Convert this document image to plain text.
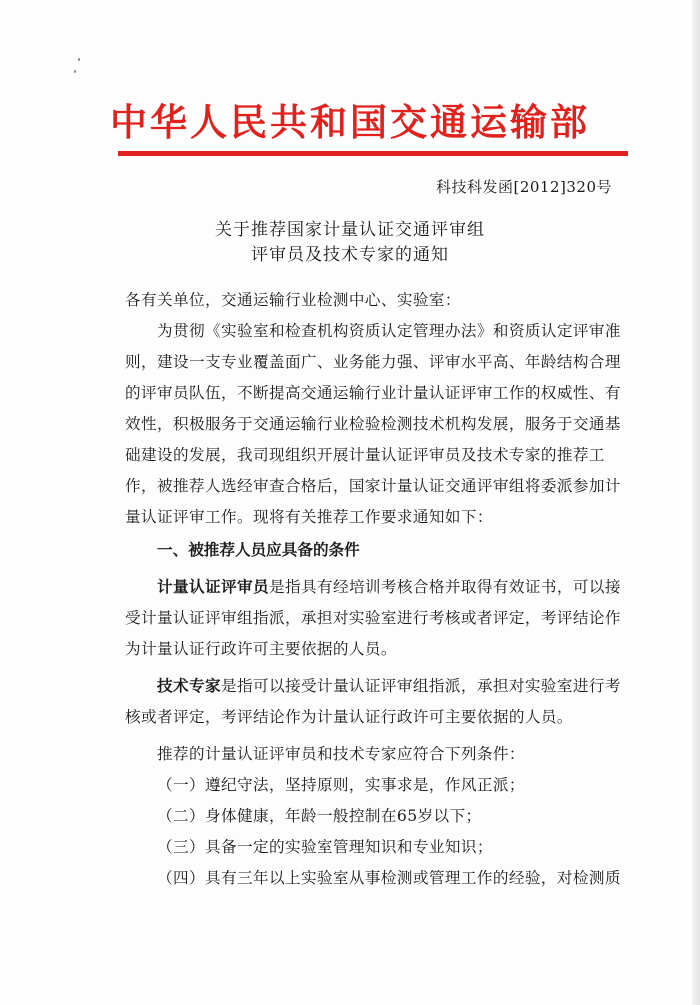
中华人民共和国交通运输部
科技科发函[2012]320号
关于推荐国家计量认证交通评审组
评审员及技术专家的通知
各有关单位，交通运输行业检测中心、实验室：
为贯彻《实验室和检查机构资质认定管理办法》和资质认定评审准
则，建设一支专业覆盖面广、业务能力强、评审水平高、年龄结构合理
的评审员队伍，不断提高交通运输行业计量认证评审工作的权威性、有
效性，积极服务于交通运输行业检验检测技术机构发展，服务于交通基
础建设的发展，我司现组织开展计量认证评审员及技术专家的推荐工
作，被推荐人选经审查合格后，国家计量认证交通评审组将委派参加计
量认证评审工作。现将有关推荐工作要求通知如下：
一、被推荐人员应具备的条件
计量认证评审员是指具有经培训考核合格并取得有效证书，可以接
受计量认证评审组指派，承担对实验室进行考核或者评定，考评结论作
为计量认证行政许可主要依据的人员。
技术专家是指可以接受计量认证评审组指派，承担对实验室进行考
核或者评定，考评结论作为计量认证行政许可主要依据的人员。
推荐的计量认证评审员和技术专家应符合下列条件：
（一）遵纪守法，坚持原则，实事求是，作风正派；
（二）身体健康，年龄一般控制在65岁以下；
（三）具备一定的实验室管理知识和专业知识；
（四）具有三年以上实验室从事检测或管理工作的经验，对检测质
